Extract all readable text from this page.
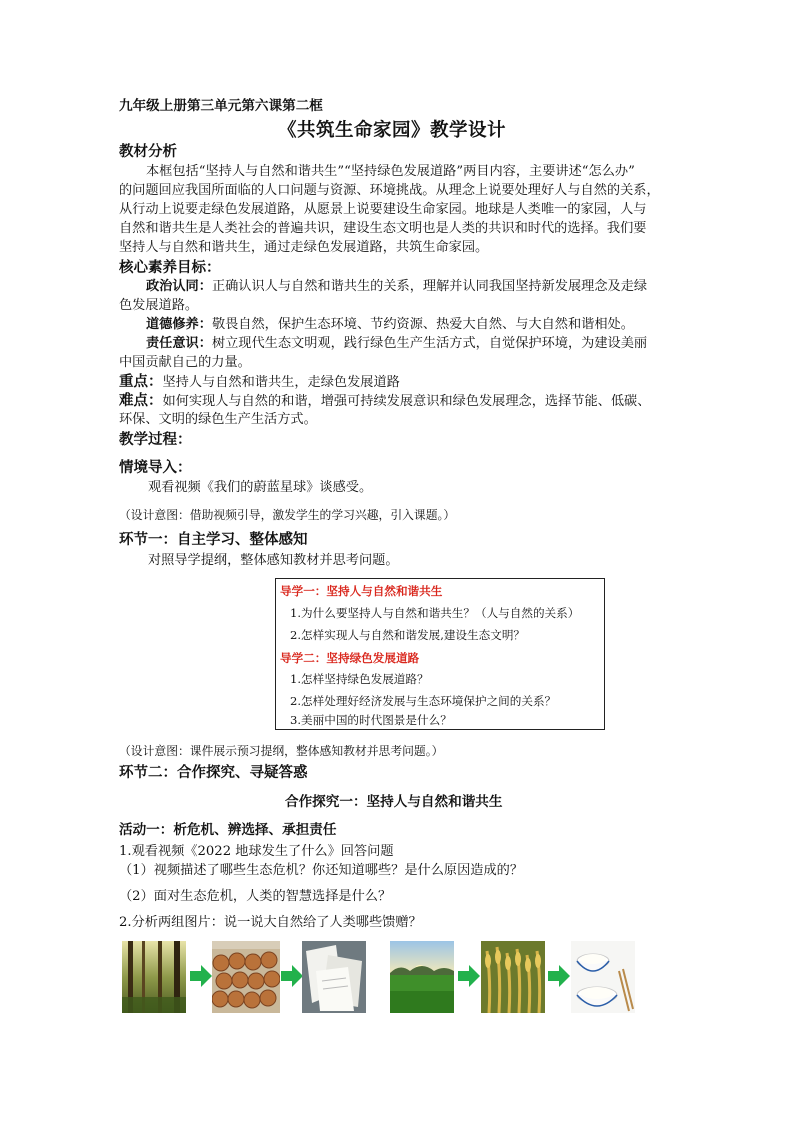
九年级上册第三单元第六课第二框
《共筑生命家园》教学设计
教材分析
本框包括“坚持人与自然和谐共生”“坚持绿色发展道路”两目内容，主要讲述“怎么办”
的问题回应我国所面临的人口问题与资源、环境挑战。从理念上说要处理好人与自然的关系，
从行动上说要走绿色发展道路，从愿景上说要建设生命家园。地球是人类唯一的家园，人与
自然和谐共生是人类社会的普遍共识，建设生态文明也是人类的共识和时代的选择。我们要
坚持人与自然和谐共生，通过走绿色发展道路，共筑生命家园。
核心素养目标：
政治认同：正确认识人与自然和谐共生的关系，理解并认同我国坚持新发展理念及走绿
色发展道路。
道德修养：敬畏自然，保护生态环境、节约资源、热爱大自然、与大自然和谐相处。
责任意识：树立现代生态文明观，践行绿色生产生活方式，自觉保护环境，为建设美丽
中国贡献自己的力量。
重点：坚持人与自然和谐共生，走绿色发展道路
难点：如何实现人与自然的和谐，增强可持续发展意识和绿色发展理念，选择节能、低碳、
环保、文明的绿色生产生活方式。
教学过程：
情境导入：
观看视频《我们的蔚蓝星球》谈感受。
（设计意图：借助视频引导，激发学生的学习兴趣，引入课题。）
环节一：自主学习、整体感知
对照导学提纲，整体感知教材并思考问题。
导学一：坚持人与自然和谐共生
1.为什么要坚持人与自然和谐共生？（人与自然的关系）
2.怎样实现人与自然和谐发展,建设生态文明？
导学二：坚持绿色发展道路
1.怎样坚持绿色发展道路？
2.怎样处理好经济发展与生态环境保护之间的关系？
3.美丽中国的时代图景是什么？
（设计意图：课件展示预习提纲，整体感知教材并思考问题。）
环节二：合作探究、寻疑答惑
合作探究一：坚持人与自然和谐共生
活动一：析危机、辨选择、承担责任
1.观看视频《2022 地球发生了什么》回答问题
（1）视频描述了哪些生态危机？你还知道哪些？是什么原因造成的？
（2）面对生态危机，人类的智慧选择是什么？
2.分析两组图片：说一说大自然给了人类哪些馈赠？
